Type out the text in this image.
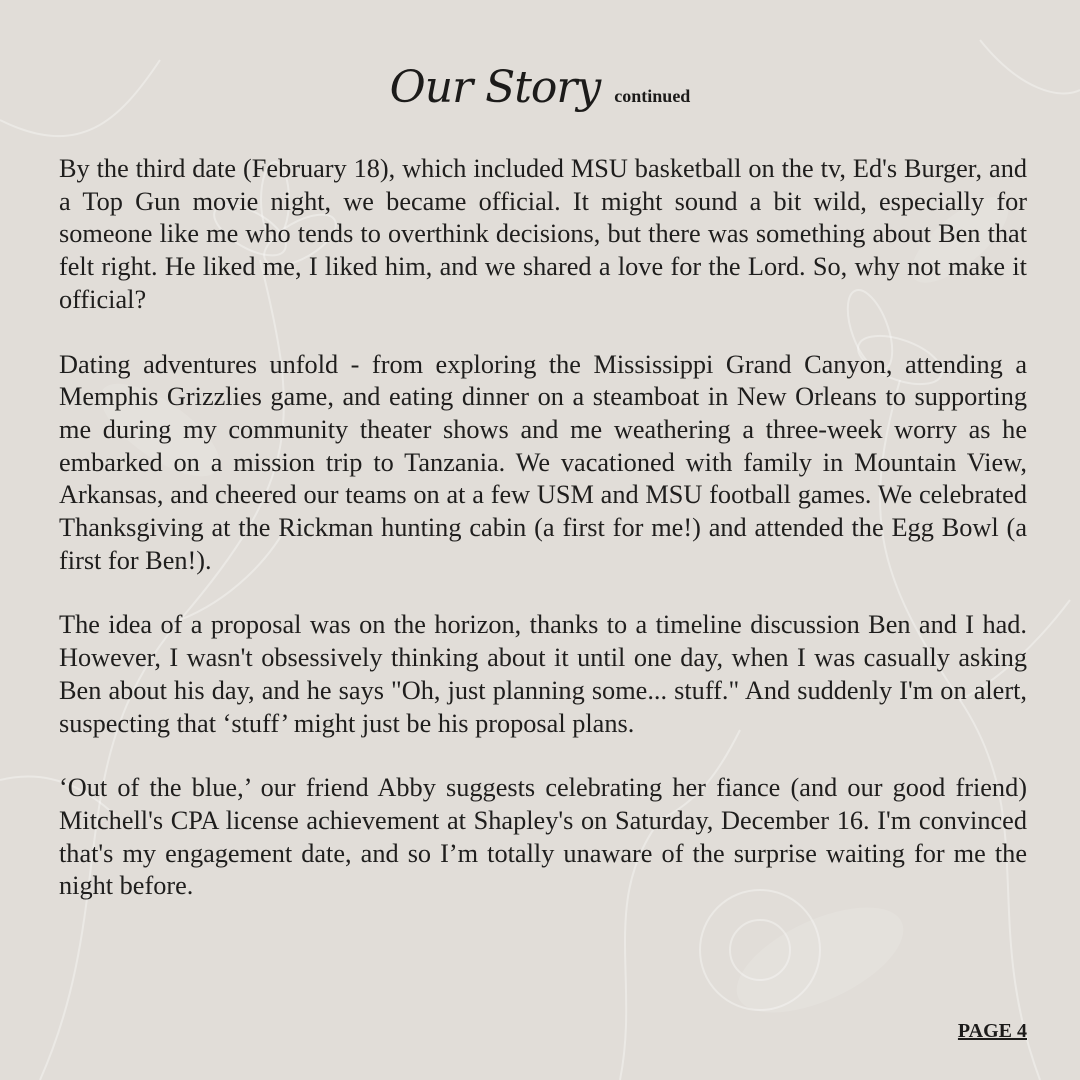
Our Story continued

By the third date (February 18), which included MSU basketball on the tv, Ed's Burger, and a Top Gun movie night, we became official. It might sound a bit wild, especially for someone like me who tends to overthink decisions, but there was something about Ben that felt right. He liked me, I liked him, and we shared a love for the Lord. So, why not make it official?

Dating adventures unfold - from exploring the Mississippi Grand Canyon, attending a Memphis Grizzlies game, and eating dinner on a steamboat in New Orleans to supporting me during my community theater shows and me weathering a three-week worry as he embarked on a mission trip to Tanzania. We vacationed with family in Mountain View, Arkansas, and cheered our teams on at a few USM and MSU football games. We celebrated Thanksgiving at the Rickman hunting cabin (a first for me!) and attended the Egg Bowl (a first for Ben!).

The idea of a proposal was on the horizon, thanks to a timeline discussion Ben and I had. However, I wasn't obsessively thinking about it until one day, when I was casually asking Ben about his day, and he says "Oh, just planning some... stuff." And suddenly I'm on alert, suspecting that ‘stuff’ might just be his proposal plans.

‘Out of the blue,’ our friend Abby suggests celebrating her fiance (and our good friend) Mitchell's CPA license achievement at Shapley's on Saturday, December 16. I'm convinced that's my engagement date, and so I’m totally unaware of the surprise waiting for me the night before.

PAGE 4
